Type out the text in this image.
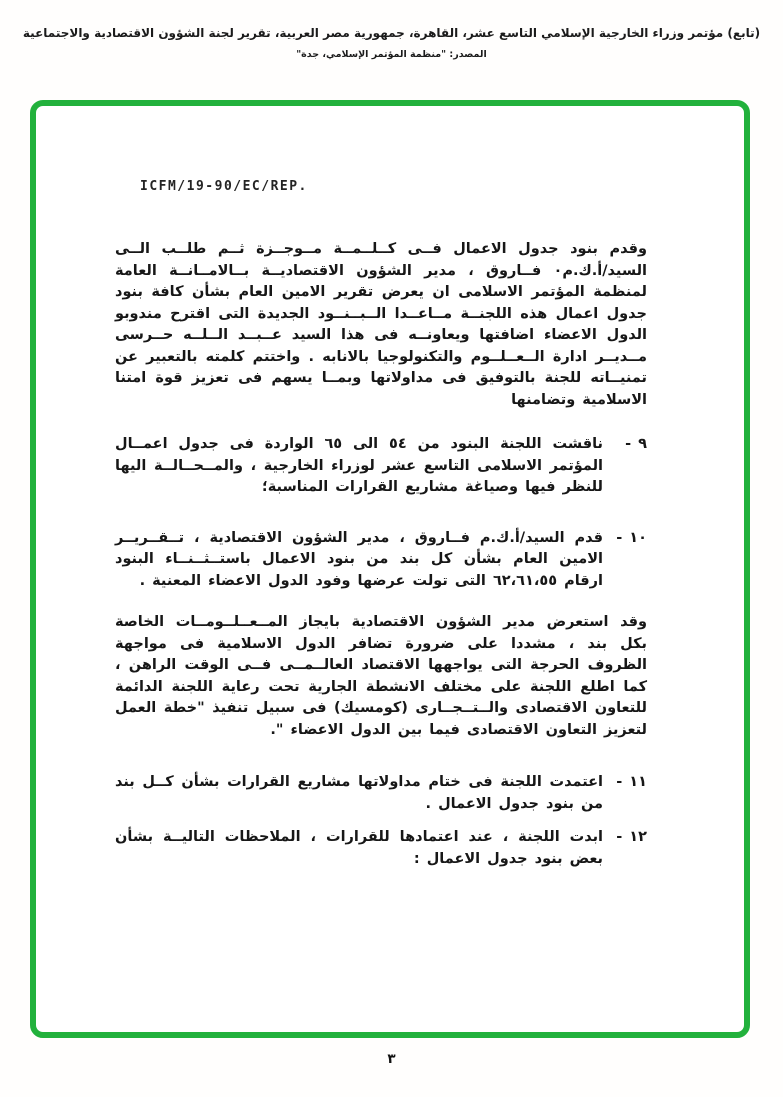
(تابع) مؤتمر وزراء الخارجية الإسلامي التاسع عشر، القاهرة، جمهورية مصر العربية، تقرير لجنة الشؤون الاقتصادية والاجتماعية
المصدر: "منظمة المؤتمر الإسلامي، جدة"
ICFM/19-90/EC/REP.

وقدم بنود جدول الاعمال فــى كــلــمــة مــوجــزة ثــم طلــب الــى السيد/أ.ك.م٠ فــاروق ، مدير الشؤون الاقتصاديــة بــالامــانــة العامة لمنظمة المؤتمر الاسلامى ان يعرض تقرير الامين العام بشأن كافة بنود جدول اعمال هذه اللجنــة مــاعــدا الــبــنــود الجديدة التى اقترح مندوبو الدول الاعضاء اضافتها ويعاونــه فى هذا السيد عــبــد الــلــه حــرسى مــديــر ادارة الــعــلــوم والتكنولوجيا بالانابه . واختتم كلمته بالتعبير عن تمنيــاته للجنة بالتوفيق فى مداولاتها وبمــا يسهم فى تعزيز قوة امتنا الاسلامية وتضامنها

٩ -
ناقشت اللجنة البنود من ٥٤ الى ٦٥ الواردة فى جدول اعمــال المؤتمر الاسلامى التاسع عشر لوزراء الخارجية ، والمــحــالــة اليها للنظر فيها وصياغة مشاريع القرارات المناسبة؛
١٠ -
قدم السيد/أ.ك.م فــاروق ، مدير الشؤون الاقتصادية ، تــقــريــر الامين العام بشأن كل بند من بنود الاعمال باستــثــنــاء البنود ارقام ⁦٦٢،٦١،٥٥⁩ التى تولت عرضها وفود الدول الاعضاء المعنية .

وقد استعرض مدير الشؤون الاقتصادية بايجاز المــعــلــومــات الخاصة بكل بند ، مشددا على ضرورة تضافر الدول الاسلامية فى مواجهة الظروف الحرجة التى يواجهها الاقتصاد العالــمــى فــى الوقت الراهن ، كما اطلع اللجنة على مختلف الانشطة الجارية تحت رعاية اللجنة الدائمة للتعاون الاقتصادى والــتــجــارى (كومسيك) فى سبيل تنفيذ "خطة العمل لتعزيز التعاون الاقتصادى فيما بين الدول الاعضاء ".

١١ -
اعتمدت اللجنة فى ختام مداولاتها مشاريع القرارات بشأن كــل بند من بنود جدول الاعمال .
١٢ -
ابدت اللجنة ، عند اعتمادها للقرارات ، الملاحظات التاليــة بشأن بعض بنود جدول الاعمال :
٣
